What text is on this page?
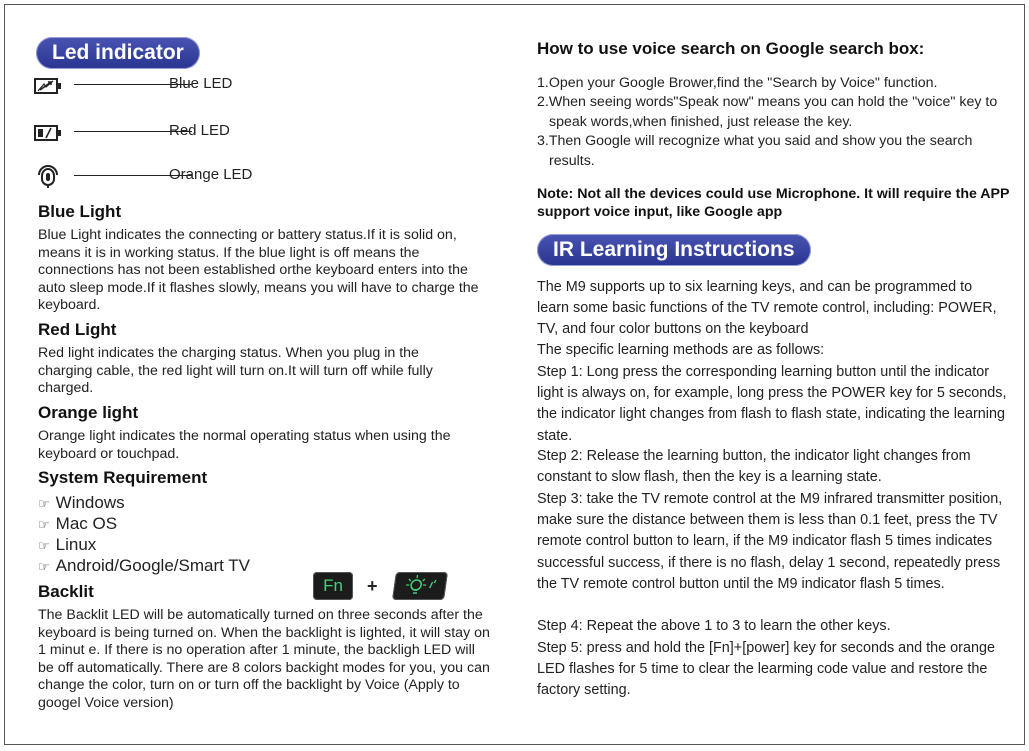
Led indicator
Blue LED
Red LED
Orange LED
Blue Light
Blue Light indicates the connecting or battery status.If it is solid on, means it is in working status. If the blue light is off means the connections has not been established orthe keyboard enters into the auto sleep mode.If it flashes slowly, means you will have to charge the keyboard.
Red Light
Red light indicates the charging status. When you plug in the charging cable, the red light will turn on.It will turn off while fully charged.
Orange light
Orange light indicates the normal operating status when using the keyboard or touchpad.
System Requirement
☞ Windows
☞ Mac OS
☞ Linux
☞ Android/Google/Smart TV
Backlit	Fn	+
The Backlit LED will be automatically turned on three seconds after the keyboard is being turned on. When the backlight is lighted, it will stay on 1 minut e. If there is no operation after 1 minute, the backligh LED will be off automatically. There are 8 colors backight modes for you, you can change the color, turn on or turn off the backlight by Voice (Apply to googel Voice version)
How to use voice search on Google search box:
1.Open your Google Brower,find the "Search by Voice" function.
2.When seeing words"Speak now" means you can hold the "voice" key to speak words,when finished, just release the key.
3.Then Google will recognize what you said and show you the search results.
Note: Not all the devices could use Microphone. It will require the APP support voice input, like Google app
IR Learning Instructions
The M9 supports up to six learning keys, and can be programmed to learn some basic functions of the TV remote control, including: POWER, TV, and four color buttons on the keyboard
The specific learning methods are as follows:
Step 1: Long press the corresponding learning button until the indicator light is always on, for example, long press the POWER key for 5 seconds, the indicator light changes from flash to flash state, indicating the learning state.
Step 2: Release the learning button, the indicator light changes from constant to slow flash, then the key is a learning state.
Step 3: take the TV remote control at the M9 infrared transmitter position, make sure the distance between them is less than 0.1 feet, press the TV remote control button to learn, if the M9 indicator flash 5 times indicates successful success, if there is no flash, delay 1 second, repeatedly press the TV remote control button until the M9 indicator flash 5 times.
Step 4: Repeat the above 1 to 3 to learn the other keys.
Step 5: press and hold the [Fn]+[power] key for seconds and the orange LED flashes for 5 time to clear the learming code value and restore the factory setting.
